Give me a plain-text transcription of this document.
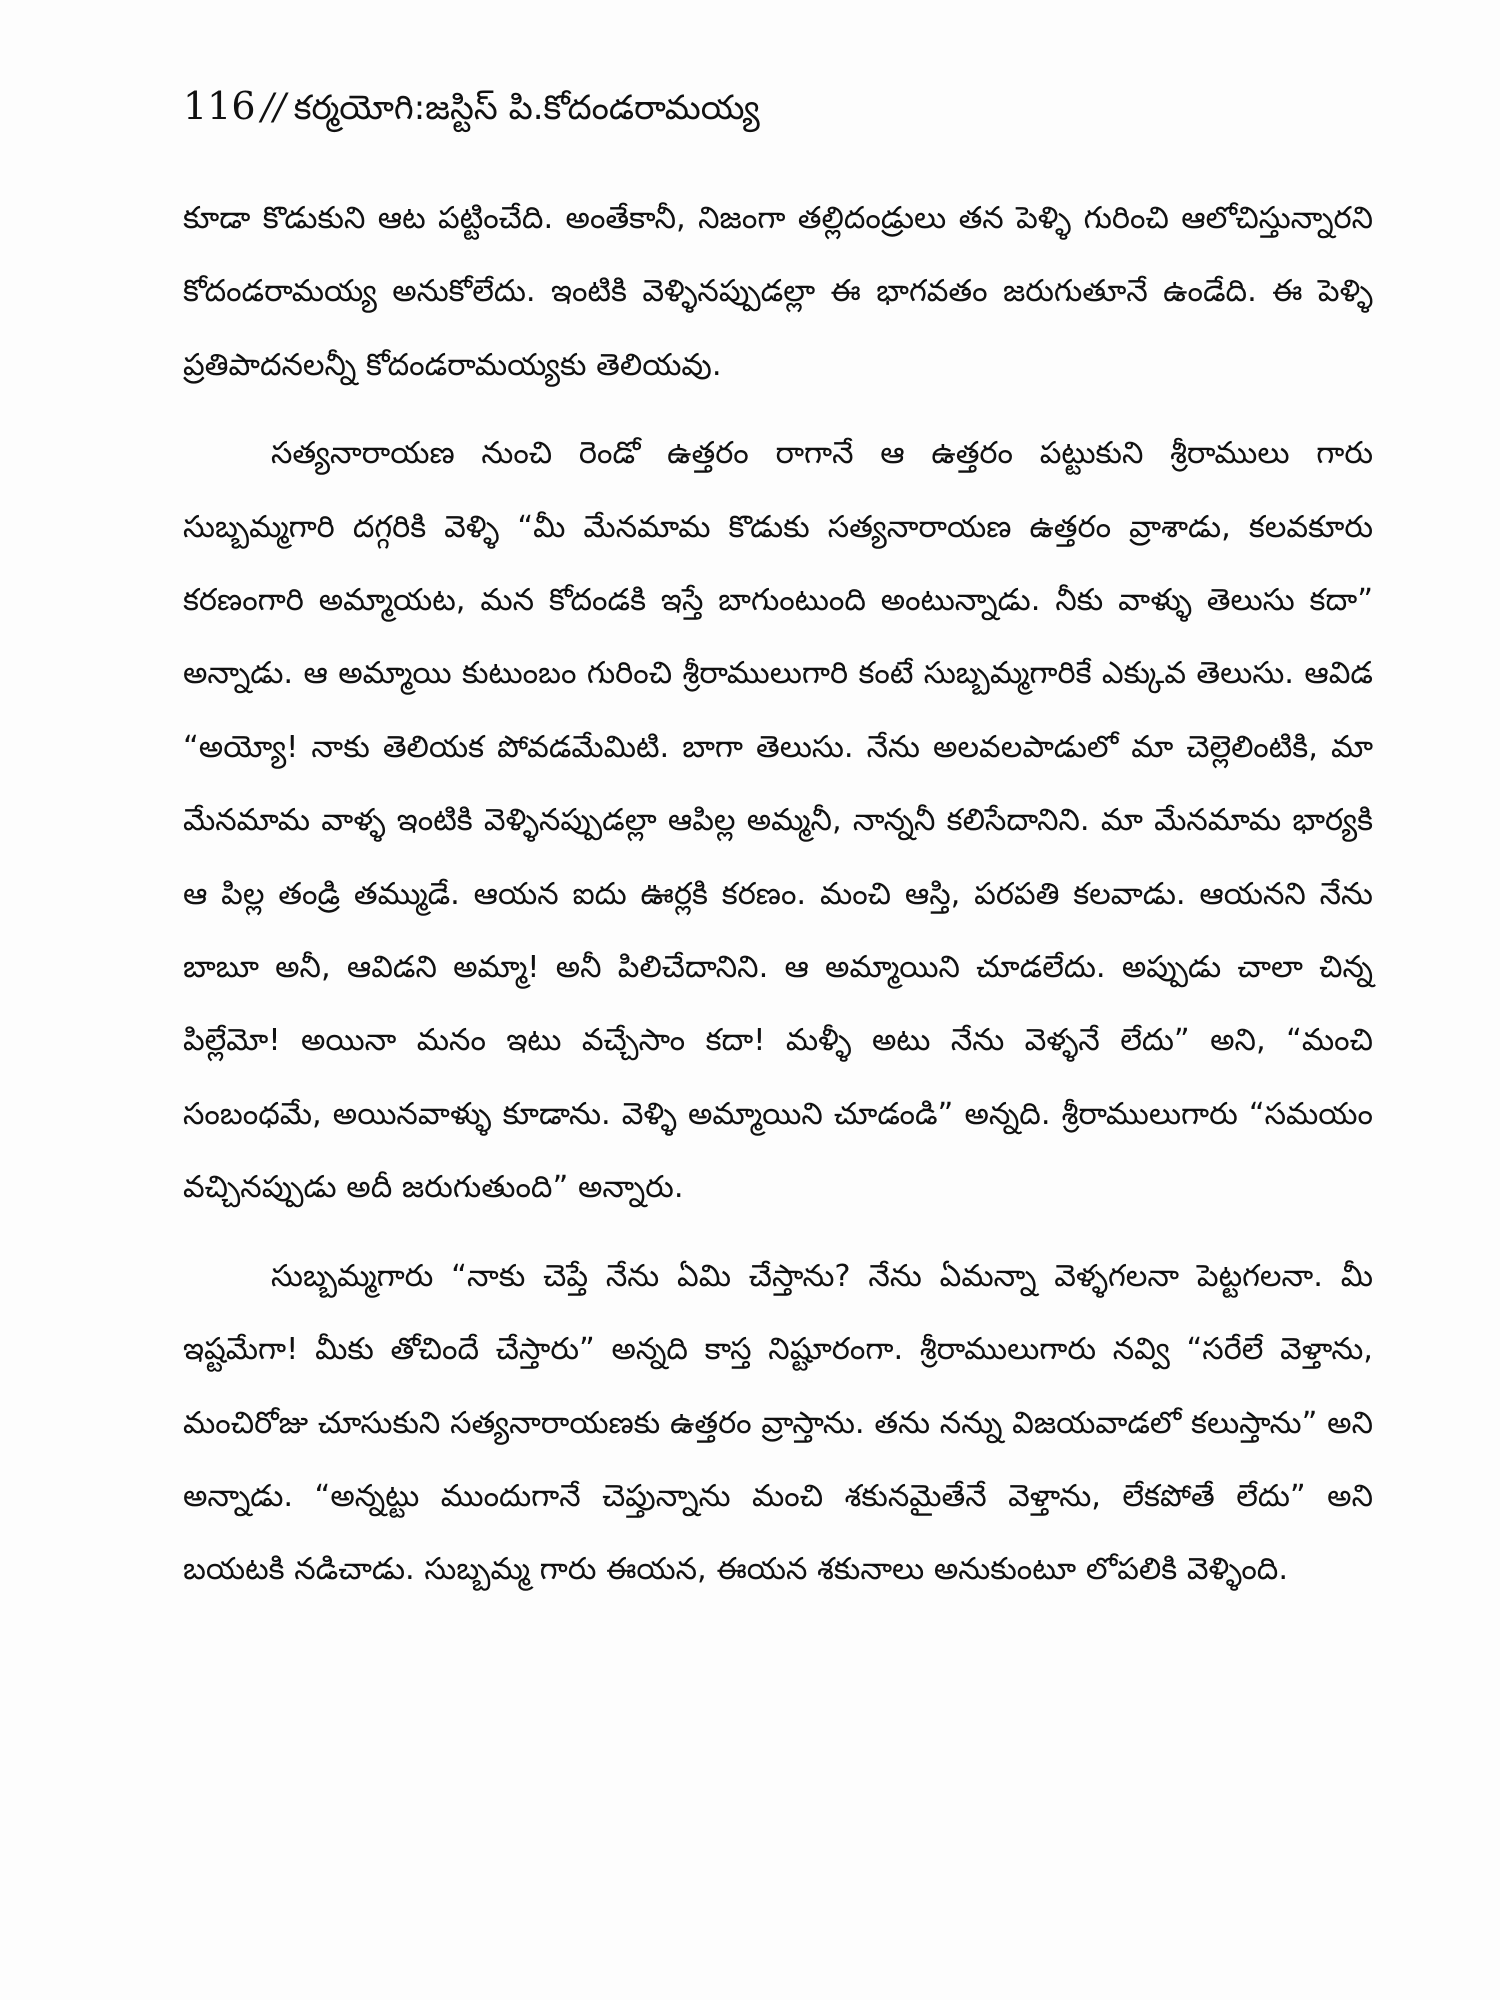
116 // కర్మయోగి:జస్టిస్ పి.కోదండరామయ్య

కూడా కొడుకుని ఆట పట్టించేది. అంతేకానీ, నిజంగా తల్లిదండ్రులు తన పెళ్ళి గురించి ఆలోచిస్తున్నారని కోదండరామయ్య అనుకోలేదు. ఇంటికి వెళ్ళినప్పుడల్లా ఈ భాగవతం జరుగుతూనే ఉండేది. ఈ పెళ్ళి ప్రతిపాదనలన్నీ కోదండరామయ్యకు తెలియవు.

సత్యనారాయణ నుంచి రెండో ఉత్తరం రాగానే ఆ ఉత్తరం పట్టుకుని శ్రీరాములు గారు సుబ్బమ్మగారి దగ్గరికి వెళ్ళి “మీ మేనమామ కొడుకు సత్యనారాయణ ఉత్తరం వ్రాశాడు, కలవకూరు కరణంగారి అమ్మాయట, మన కోదండకి ఇస్తే బాగుంటుంది అంటున్నాడు. నీకు వాళ్ళు తెలుసు కదా” అన్నాడు. ఆ అమ్మాయి కుటుంబం గురించి శ్రీరాములుగారి కంటే సుబ్బమ్మగారికే ఎక్కువ తెలుసు. ఆవిడ “అయ్యో! నాకు తెలియక పోవడమేమిటి. బాగా తెలుసు. నేను అలవలపాడులో మా చెల్లెలింటికి, మా మేనమామ వాళ్ళ ఇంటికి వెళ్ళినప్పుడల్లా ఆపిల్ల అమ్మనీ, నాన్ననీ కలిసేదానిని. మా మేనమామ భార్యకి ఆ పిల్ల తండ్రి తమ్ముడే. ఆయన ఐదు ఊర్లకి కరణం. మంచి ఆస్తి, పరపతి కలవాడు. ఆయనని నేను బాబూ అనీ, ఆవిడని అమ్మా! అనీ పిలిచేదానిని. ఆ అమ్మాయిని చూడలేదు. అప్పుడు చాలా చిన్న పిల్లేమో! అయినా మనం ఇటు వచ్చేసాం కదా! మళ్ళీ అటు నేను వెళ్ళనే లేదు” అని, “మంచి సంబంధమే, అయినవాళ్ళు కూడాను. వెళ్ళి అమ్మాయిని చూడండి” అన్నది. శ్రీరాములుగారు “సమయం వచ్చినప్పుడు అదీ జరుగుతుంది” అన్నారు.

సుబ్బమ్మగారు “నాకు చెప్తే నేను ఏమి చేస్తాను? నేను ఏమన్నా వెళ్ళగలనా పెట్టగలనా. మీ ఇష్టమేగా! మీకు తోచిందే చేస్తారు” అన్నది కాస్త నిష్టూరంగా. శ్రీరాములుగారు నవ్వి “సరేలే వెళ్తాను, మంచిరోజు చూసుకుని సత్యనారాయణకు ఉత్తరం వ్రాస్తాను. తను నన్ను విజయవాడలో కలుస్తాను” అని అన్నాడు. “అన్నట్టు ముందుగానే చెప్తున్నాను మంచి శకునమైతేనే వెళ్తాను, లేకపోతే లేదు” అని బయటకి నడిచాడు. సుబ్బమ్మ గారు ఈయన, ఈయన శకునాలు అనుకుంటూ లోపలికి వెళ్ళింది.
